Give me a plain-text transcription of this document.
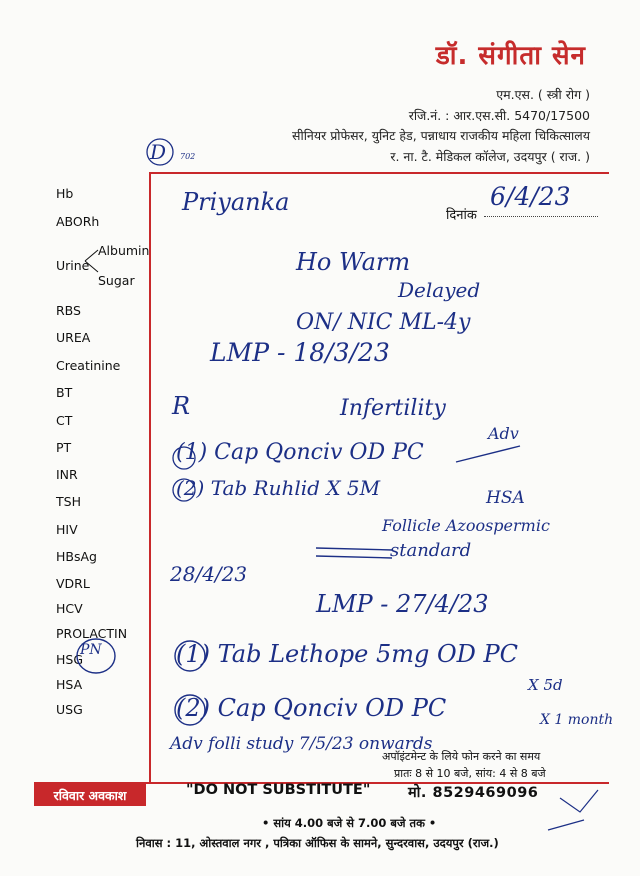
डॉ. संगीता सेन
एम.एस. ( स्त्री रोग )
रजि.नं. : आर.एस.सी. 5470/17500
सीनियर प्रोफेसर, युनिट हेड, पन्नाधाय राजकीय महिला चिकित्सालय
र. ना. टै. मेडिकल कॉलेज, उदयपुर ( राज. )
Hb
ABORh
Urine
Albumin
Sugar
RBS
UREA
Creatinine
BT
CT
PT
INR
TSH
HIV
HBsAg
VDRL
HCV
PROLACTIN
HSG
HSA
USG
दिनांक
D 702
6/4/23
Priyanka
Ho Warm
Delayed
ON/ NIC ML-4y
LMP - 18/3/23
R	Infertility
Adv
(1) Cap Qonciv OD PC
(2) Tab Ruhlid X 5M	HSA
Follicle Azoospermic
standard
28/4/23
LMP - 27/4/23
(1) Tab Lethope 5mg OD PC
X 5d
(2) Cap Qonciv OD PC	X 1 month
Adv folli study 7/5/23 onwards
PN
अपॉइंटमेन्ट के लिये फोन करने का समय
प्रातः 8 से 10 बजे, सांय: 4 से 8 बजे
रविवार अवकाश	"DO NOT SUBSTITUTE"	मो. 8529469096
• सांय 4.00 बजे से 7.00 बजे तक •
निवास : 11, ओस्तवाल नगर , पत्रिका ऑफिस के सामने, सुन्दरवास, उदयपुर (राज.)
